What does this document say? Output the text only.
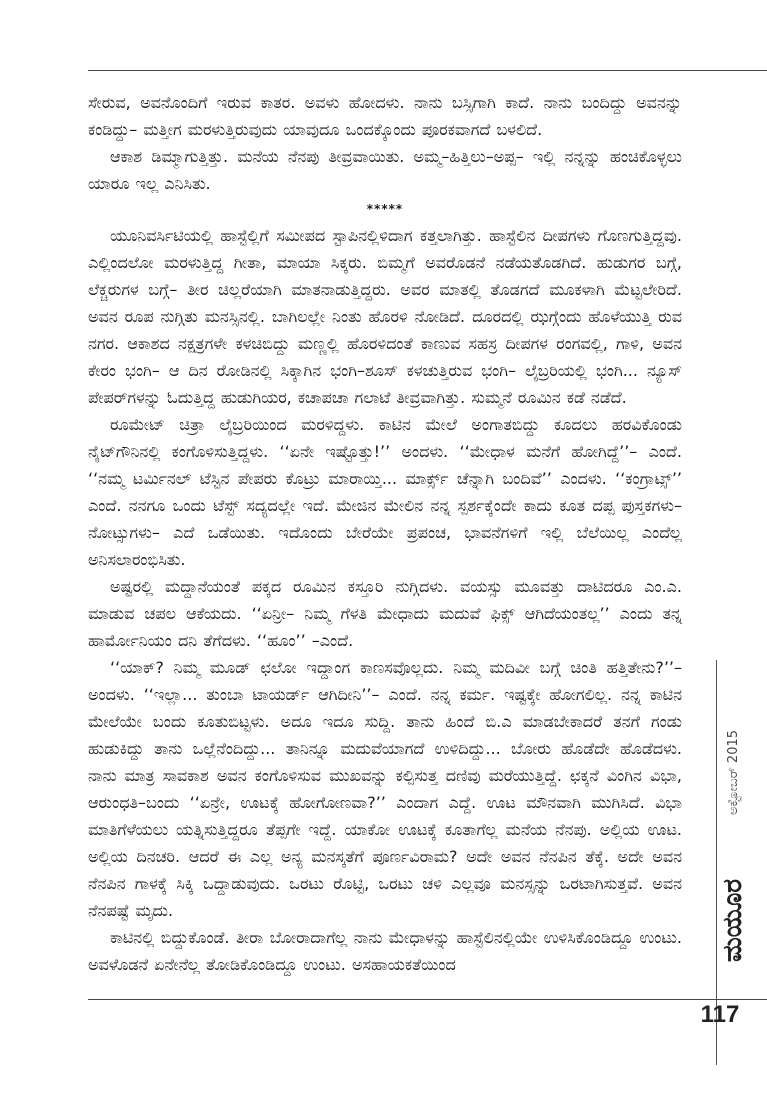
ಸೇರುವ, ಅವನೊಂದಿಗೆ ಇರುವ ಕಾತರ. ಅವಳು ಹೋದಳು. ನಾನು ಬಸ್ಸಿಗಾಗಿ ಕಾದೆ. ನಾನು ಬಂದಿದ್ದು ಅವನನ್ನು ಕಂಡಿದ್ದು– ಮತ್ತೀಗ ಮರಳುತ್ತಿರುವುದು ಯಾವುದೂ ಒಂದಕ್ಕೊಂದು ಪೂರಕವಾಗದೆ ಬಳಲಿದೆ.

ಆಕಾಶ ಡಿಮ್ಮಾಗುತ್ತಿತ್ತು. ಮನೆಯ ನೆನಪು ತೀವ್ರವಾಯಿತು. ಅಮ್ಮ–ಹಿತ್ತಿಲು–ಅಪ್ಪ– ಇಲ್ಲಿ ನನ್ನನ್ನು ಹಂಚಿಕೊಳ್ಳಲು ಯಾರೂ ಇಲ್ಲ ಎನಿಸಿತು.

*****

ಯೂನಿವರ್ಸಿಟಿಯಲ್ಲಿ ಹಾಸ್ಟೆಲ್ಲಿಗೆ ಸಮೀಪದ ಸ್ಟಾಪಿನಲ್ಲಿಳಿದಾಗ ಕತ್ತಲಾಗಿತ್ತು. ಹಾಸ್ಟೆಲಿನ ದೀಪಗಳು ಗೊಣಗುತ್ತಿದ್ದವು. ಎಲ್ಲಿಂದಲೋ ಮರಳುತ್ತಿದ್ದ ಗೀತಾ, ಮಾಯಾ ಸಿಕ್ಕರು. ಬಿಮ್ಮಗೆ ಅವರೊಡನೆ ನಡೆಯತೊಡಗಿದೆ. ಹುಡುಗರ ಬಗ್ಗೆ, ಲೆಕ್ಚರುಗಳ ಬಗ್ಗೆ– ತೀರ ಚಿಲ್ಲರೆಯಾಗಿ ಮಾತನಾಡುತ್ತಿದ್ದರು. ಅವರ ಮಾತಲ್ಲಿ ತೊಡಗದೆ ಮೂಕಳಾಗಿ ಮೆಟ್ಟಲೇರಿದೆ. ಅವನ ರೂಪ ನುಗ್ಗಿತು ಮನಸ್ಸಿನಲ್ಲಿ. ಬಾಗಿಲಲ್ಲೇ ನಿಂತು ಹೊರಳಿ ನೋಡಿದೆ. ದೂರದಲ್ಲಿ ಝಗ್ಗೆಂದು ಹೊಳೆಯುತ್ತಿ ರುವ ನಗರ. ಆಕಾಶದ ನಕ್ಷತ್ರಗಳೇ ಕಳಚಿಬಿದ್ದು ಮಣ್ಣಲ್ಲಿ ಹೊರಳಿದಂತೆ ಕಾಣುವ ಸಹಸ್ರ ದೀಪಗಳ ರಂಗವಲ್ಲಿ, ಗಾಳಿ, ಅವನ ಕೇರಂ ಭಂಗಿ– ಆ ದಿನ ರೋಡಿನಲ್ಲಿ ಸಿಕ್ಕಾಗಿನ ಭಂಗಿ–ಶೂಸ್ ಕಳಚುತ್ತಿರುವ ಭಂಗಿ– ಲೈಬ್ರರಿಯಲ್ಲಿ ಭಂಗಿ... ನ್ಯೂಸ್ ಪೇಪರ್‌ಗಳನ್ನು ಓದುತ್ತಿದ್ದ ಹುಡುಗಿಯರ, ಕಚಾಪಚಾ ಗಲಾಟೆ ತೀವ್ರವಾಗಿತ್ತು. ಸುಮ್ಮನೆ ರೂಮಿನ ಕಡೆ ನಡೆದೆ.

ರೂಮೇಟ್ ಚಿತ್ರಾ ಲೈಬ್ರರಿಯಿಂದ ಮರಳಿದ್ದಳು. ಕಾಟಿನ ಮೇಲೆ ಅಂಗಾತಬಿದ್ದು ಕೂದಲು ಹರವಿಕೊಂಡು ನೈಟ್‌ಗೌನಿನಲ್ಲಿ ಕಂಗೊಳಿಸುತ್ತಿದ್ದಳು. ‘‘ಏನೇ ಇಷ್ಟೊತ್ತು!’’ ಅಂದಳು. ‘‘ಮೇಧಾಳ ಮನೆಗೆ ಹೋಗಿದ್ದೆ’’– ಎಂದೆ. ‘‘ನಮ್ಮ ಟರ್ಮಿನಲ್ ಟೆಸ್ಟಿನ ಪೇಪರು ಕೊಟ್ರು ಮಾರಾಯ್ತಿ... ಮಾರ್ಕ್ಸ್ ಚೆನ್ನಾಗಿ ಬಂದಿವೆ’’ ಎಂದಳು. ‘‘ಕಂಗ್ರಾಟ್ಸ್’’ ಎಂದೆ. ನನಗೂ ಒಂದು ಟೆಸ್ಟ್ ಸದ್ಯದಲ್ಲೇ ಇದೆ. ಮೇಜಿನ ಮೇಲಿನ ನನ್ನ ಸ್ಪರ್ಶಕ್ಕೆಂದೇ ಕಾದು ಕೂತ ದಪ್ಪ ಪುಸ್ತಕಗಳು– ನೋಟ್ಸುಗಳು– ಎದೆ ಒಡೆಯಿತು. ಇದೊಂದು ಬೇರೆಯೇ ಪ್ರಪಂಚ, ಭಾವನೆಗಳಿಗೆ ಇಲ್ಲಿ ಬೆಲೆಯಿಲ್ಲ ಎಂದೆಲ್ಲ ಅನಿಸಲಾರಂಭಿಸಿತು.

ಅಷ್ಟರಲ್ಲಿ ಮದ್ದಾನೆಯಂತೆ ಪಕ್ಕದ ರೂಮಿನ ಕಸ್ತೂರಿ ನುಗ್ಗಿದಳು. ವಯಸ್ಸು ಮೂವತ್ತು ದಾಟಿದರೂ ಎಂ.ಎ. ಮಾಡುವ ಚಪಲ ಆಕೆಯದು. ‘‘ಏನ್ರೀ– ನಿಮ್ಮ ಗೆಳತಿ ಮೇಧಾದು ಮದುವೆ ಫಿಕ್ಸ್ ಆಗಿದೆಯಂತಲ್ಲ’’ ಎಂದು ತನ್ನ ಹಾರ್ಮೋನಿಯಂ ದನಿ ತೆಗೆದಳು. ‘‘ಹೂಂ’’ –ಎಂದೆ.

‘‘ಯಾಕ್? ನಿಮ್ಮ ಮೂಡ್ ಛಲೋ ಇದ್ದಾಂಗ ಕಾಣಸವೊಲ್ಲದು. ನಿಮ್ಮ ಮದಿವೀ ಬಗ್ಗೆ ಚಿಂತಿ ಹತ್ತಿತೇನು?’’– ಅಂದಳು. ‘‘ಇಲ್ಲಾ... ತುಂಬಾ ಟಾಯರ್ಡ್ ಆಗಿದೀನಿ’’– ಎಂದೆ. ನನ್ನ ಕರ್ಮ. ಇಷ್ಟಕ್ಕೇ ಹೋಗಲಿಲ್ಲ. ನನ್ನ ಕಾಟಿನ ಮೇಲೆಯೇ ಬಂದು ಕೂತುಬಿಟ್ಟಳು. ಅದೂ ಇದೂ ಸುದ್ದಿ. ತಾನು ಹಿಂದೆ ಬಿ.ಎ ಮಾಡಬೇಕಾದರೆ ತನಗೆ ಗಂಡು ಹುಡುಕಿದ್ದು ತಾನು ಒಲ್ಲೆನೆಂದಿದ್ದು... ತಾನಿನ್ನೂ ಮದುವೆಯಾಗದೆ ಉಳಿದಿದ್ದು... ಬೋರು ಹೊಡೆದೇ ಹೊಡೆದಳು. ನಾನು ಮಾತ್ರ ಸಾವಕಾಶ ಅವನ ಕಂಗೊಳಿಸುವ ಮುಖವನ್ನು ಕಲ್ಪಿಸುತ್ತ ದಣಿವು ಮರೆಯುತ್ತಿದ್ದೆ. ಛಕ್ಕನೆ ವಿಂಗಿನ ವಿಭಾ, ಆರುಂಧತಿ–ಬಂದು ‘‘ಏನ್ರೇ, ಊಟಕ್ಕೆ ಹೋಗೋಣವಾ?’’ ಎಂದಾಗ ಎದ್ದೆ. ಊಟ ಮೌನವಾಗಿ ಮುಗಿಸಿದೆ. ವಿಭಾ ಮಾತಿಗೆಳೆಯಲು ಯತ್ನಿಸುತ್ತಿದ್ದರೂ ತೆಪ್ಪಗೇ ಇದ್ದೆ. ಯಾಕೋ ಊಟಕ್ಕೆ ಕೂತಾಗೆಲ್ಲ ಮನೆಯ ನೆನಪು. ಅಲ್ಲಿಯ ಊಟ. ಅಲ್ಲಿಯ ದಿನಚರಿ. ಆದರೆ ಈ ಎಲ್ಲ ಅನ್ಯ ಮನಸ್ಕತೆಗೆ ಪೂರ್ಣವಿರಾಮ? ಅದೇ ಅವನ ನೆನಪಿನ ತೆಕ್ಕೆ. ಅದೇ ಅವನ ನೆನಪಿನ ಗಾಳಕ್ಕೆ ಸಿಕ್ಕಿ ಒದ್ದಾಡುವುದು. ಒರಟು ರೊಟ್ಟಿ, ಒರಟು ಚಳಿ ಎಲ್ಲವೂ ಮನಸ್ಸನ್ನು ಒರಟಾಗಿಸುತ್ತವೆ. ಅವನ ನೆನಪಷ್ಟೆ ಮೃದು.

ಕಾಟಿನಲ್ಲಿ ಬಿದ್ದುಕೊಂಡೆ. ತೀರಾ ಬೋರಾದಾಗೆಲ್ಲ ನಾನು ಮೇಧಾಳನ್ನು ಹಾಸ್ಟೆಲಿನಲ್ಲಿಯೇ ಉಳಿಸಿಕೊಂಡಿದ್ದೂ ಉಂಟು. ಅವಳೊಡನೆ ಏನೇನೆಲ್ಲ ತೋಡಿಕೊಂಡಿದ್ದೂ ಉಂಟು. ಅಸಹಾಯಕತೆಯಿಂದ

ಅಕ್ಟೋಬರ್ 2015
ಮಯೂರ
117
